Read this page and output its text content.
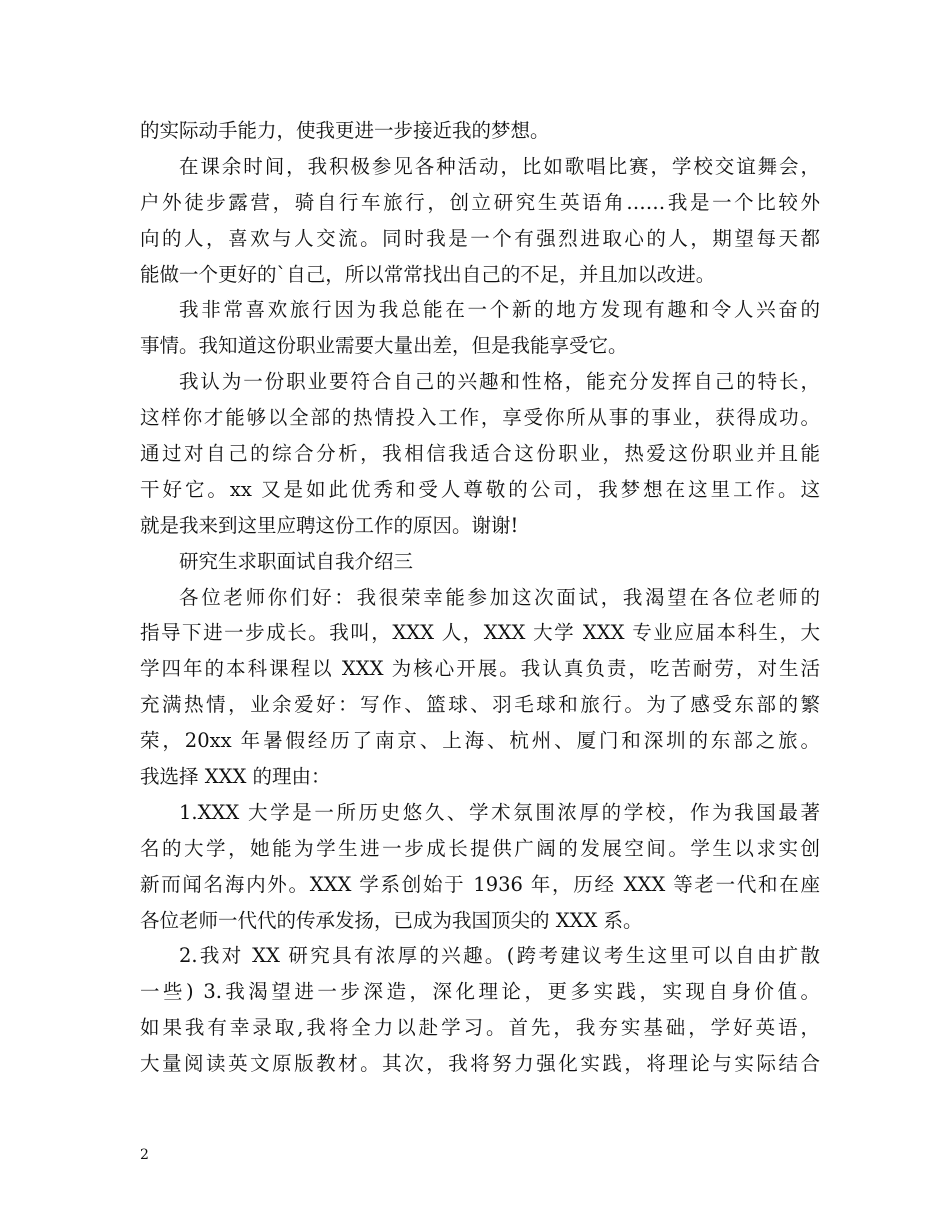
的实际动手能力，使我更进一步接近我的梦想。
在课余时间，我积极参见各种活动，比如歌唱比赛，学校交谊舞会，
户外徒步露营，骑自行车旅行，创立研究生英语角……我是一个比较外
向的人，喜欢与人交流。同时我是一个有强烈进取心的人，期望每天都
能做一个更好的`自己，所以常常找出自己的不足，并且加以改进。
我非常喜欢旅行因为我总能在一个新的地方发现有趣和令人兴奋的
事情。我知道这份职业需要大量出差，但是我能享受它。
我认为一份职业要符合自己的兴趣和性格，能充分发挥自己的特长，
这样你才能够以全部的热情投入工作，享受你所从事的事业，获得成功。
通过对自己的综合分析，我相信我适合这份职业，热爱这份职业并且能
干好它。xx 又是如此优秀和受人尊敬的公司，我梦想在这里工作。这
就是我来到这里应聘这份工作的原因。谢谢!
研究生求职面试自我介绍三
各位老师你们好：我很荣幸能参加这次面试，我渴望在各位老师的
指导下进一步成长。我叫，XXX 人，XXX 大学 XXX 专业应届本科生，大
学四年的本科课程以 XXX 为核心开展。我认真负责，吃苦耐劳，对生活
充满热情，业余爱好：写作、篮球、羽毛球和旅行。为了感受东部的繁
荣，20xx 年暑假经历了南京、上海、杭州、厦门和深圳的东部之旅。
我选择 XXX 的理由：
1.XXX 大学是一所历史悠久、学术氛围浓厚的学校，作为我国最著
名的大学，她能为学生进一步成长提供广阔的发展空间。学生以求实创
新而闻名海内外。XXX 学系创始于 1936 年，历经 XXX 等老一代和在座
各位老师一代代的传承发扬，已成为我国顶尖的 XXX 系。
2.我对 XX 研究具有浓厚的兴趣。(跨考建议考生这里可以自由扩散
一些) 3.我渴望进一步深造，深化理论，更多实践，实现自身价值。
如果我有幸录取,我将全力以赴学习。首先，我夯实基础，学好英语，
大量阅读英文原版教材。其次，我将努力强化实践，将理论与实际结合
2
